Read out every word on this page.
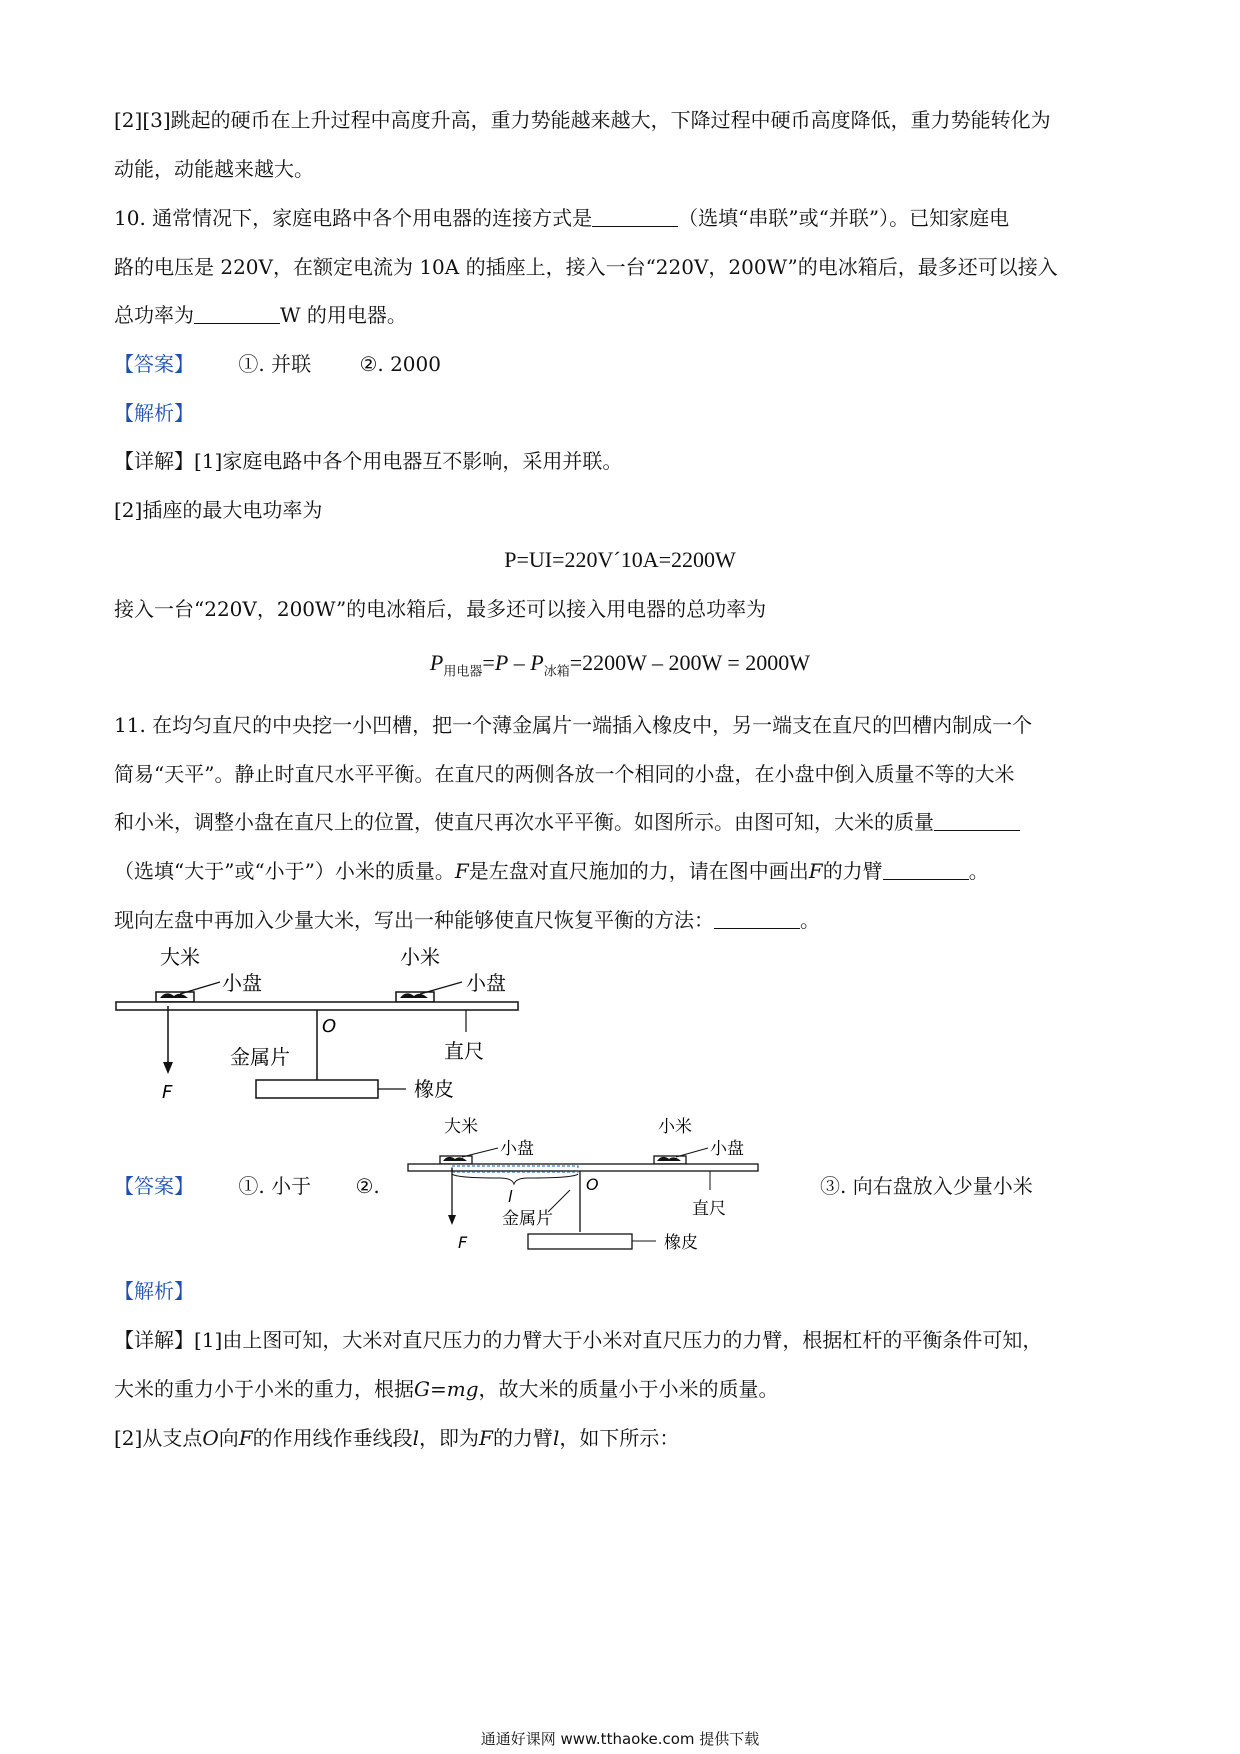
[2][3]跳起的硬币在上升过程中高度升高，重力势能越来越大，下降过程中硬币高度降低，重力势能转化为
动能，动能越来越大。
10. 通常情况下，家庭电路中各个用电器的连接方式是	（选填“串联”或“并联”）。已知家庭电
路的电压是 220V，在额定电流为 10A 的插座上，接入一台“220V，200W”的电冰箱后，最多还可以接入
总功率为	W 的用电器。
【答案】 ①. 并联 ②. 2000
【解析】
【详解】[1]家庭电路中各个用电器互不影响，采用并联。
[2]插座的最大电功率为
P=UI=220V´10A=2200W
接入一台“220V，200W”的电冰箱后，最多还可以接入用电器的总功率为
$P_{用电器}=P - P_{冰箱}=2200W - 200W = 2000W$
11. 在均匀直尺的中央挖一小凹槽，把一个薄金属片一端插入橡皮中，另一端支在直尺的凹槽内制成一个
简易“天平”。静止时直尺水平平衡。在直尺的两侧各放一个相同的小盘，在小盘中倒入质量不等的大米
和小米，调整小盘在直尺上的位置，使直尺再次水平平衡。如图所示。由图可知，大米的质量
（选填“大于”或“小于”）小米的质量。F是左盘对直尺施加的力，请在图中画出F的力臂	。
现向左盘中再加入少量大米，写出一种能够使直尺恢复平衡的方法：	。
大米
小盘
小米
小盘
O
金属片	直尺
F	橡皮
【答案】 ①. 小于 ②.	③. 向右盘放入少量小米
大米
小盘
小米
小盘
l
O
金属片	直尺
F	橡皮
【解析】
【详解】[1]由上图可知，大米对直尺压力的力臂大于小米对直尺压力的力臂，根据杠杆的平衡条件可知，
大米的重力小于小米的重力，根据G=mg，故大米的质量小于小米的质量。
[2]从支点O向F的作用线作垂线段l，即为F的力臂l，如下所示：
通通好课网 www.tthaoke.com 提供下载
